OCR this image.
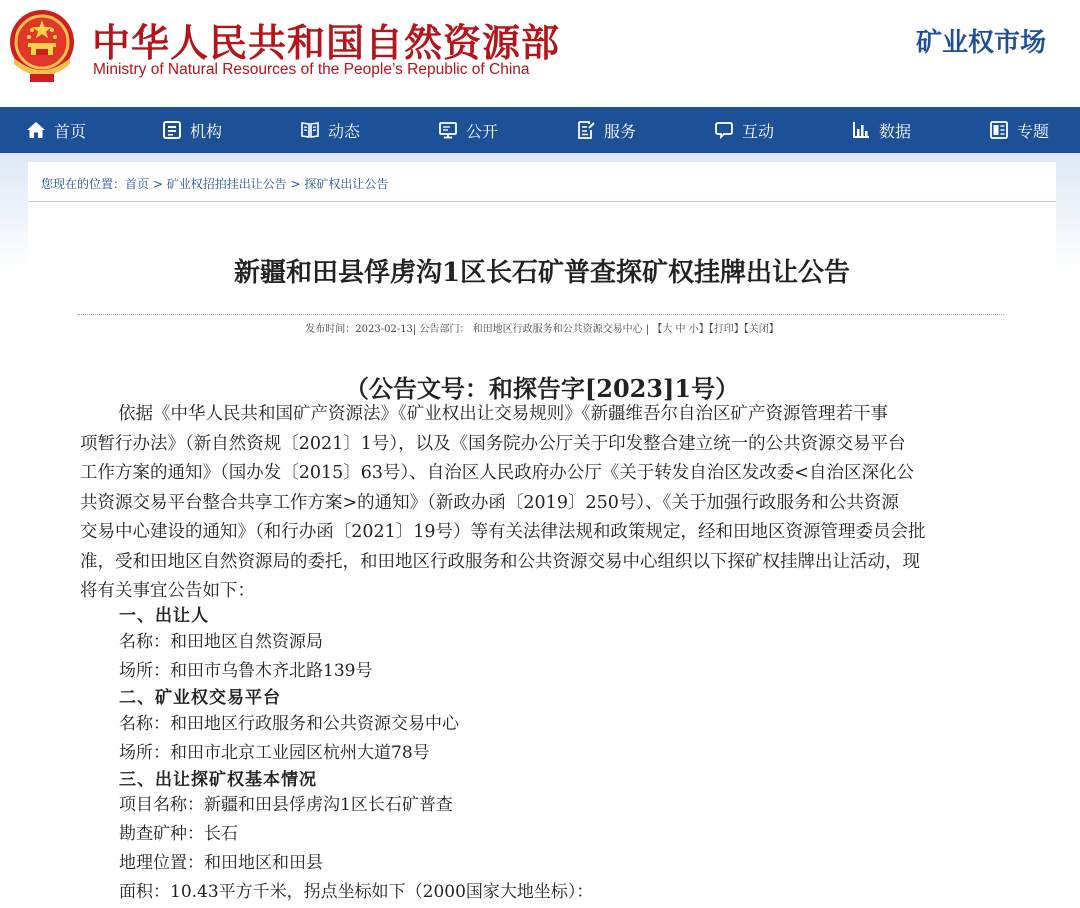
中华人民共和国自然资源部
Ministry of Natural Resources of the People’s Republic of China
矿业权市场
首页	机构	动态	公开	服务	互动	数据	专题
您现在的位置：首页 > 矿业权招拍挂出让公告 > 探矿权出让公告
新疆和田县俘虏沟1区长石矿普查探矿权挂牌出让公告
发布时间：2023-02-13| 公告部门： 和田地区行政服务和公共资源交易中心 | 【大 中 小】【打印】【关闭】
（公告文号：和探告字[2023]1号）
依据《中华人民共和国矿产资源法》《矿业权出让交易规则》《新疆维吾尔自治区矿产资源管理若干事
项暂行办法》（新自然资规〔2021〕1号），以及《国务院办公厅关于印发整合建立统一的公共资源交易平台
工作方案的通知》（国办发〔2015〕63号）、自治区人民政府办公厅《关于转发自治区发改委<自治区深化公
共资源交易平台整合共享工作方案>的通知》（新政办函〔2019〕250号）、《关于加强行政服务和公共资源
交易中心建设的通知》（和行办函〔2021〕19号）等有关法律法规和政策规定，经和田地区资源管理委员会批
准，受和田地区自然资源局的委托，和田地区行政服务和公共资源交易中心组织以下探矿权挂牌出让活动，现
将有关事宜公告如下：
一、出让人
名称：和田地区自然资源局
场所：和田市乌鲁木齐北路139号
二、矿业权交易平台
名称：和田地区行政服务和公共资源交易中心
场所：和田市北京工业园区杭州大道78号
三、出让探矿权基本情况
项目名称：新疆和田县俘虏沟1区长石矿普查
勘查矿种：长石
地理位置：和田地区和田县
面积：10.43平方千米，拐点坐标如下（2000国家大地坐标）：
